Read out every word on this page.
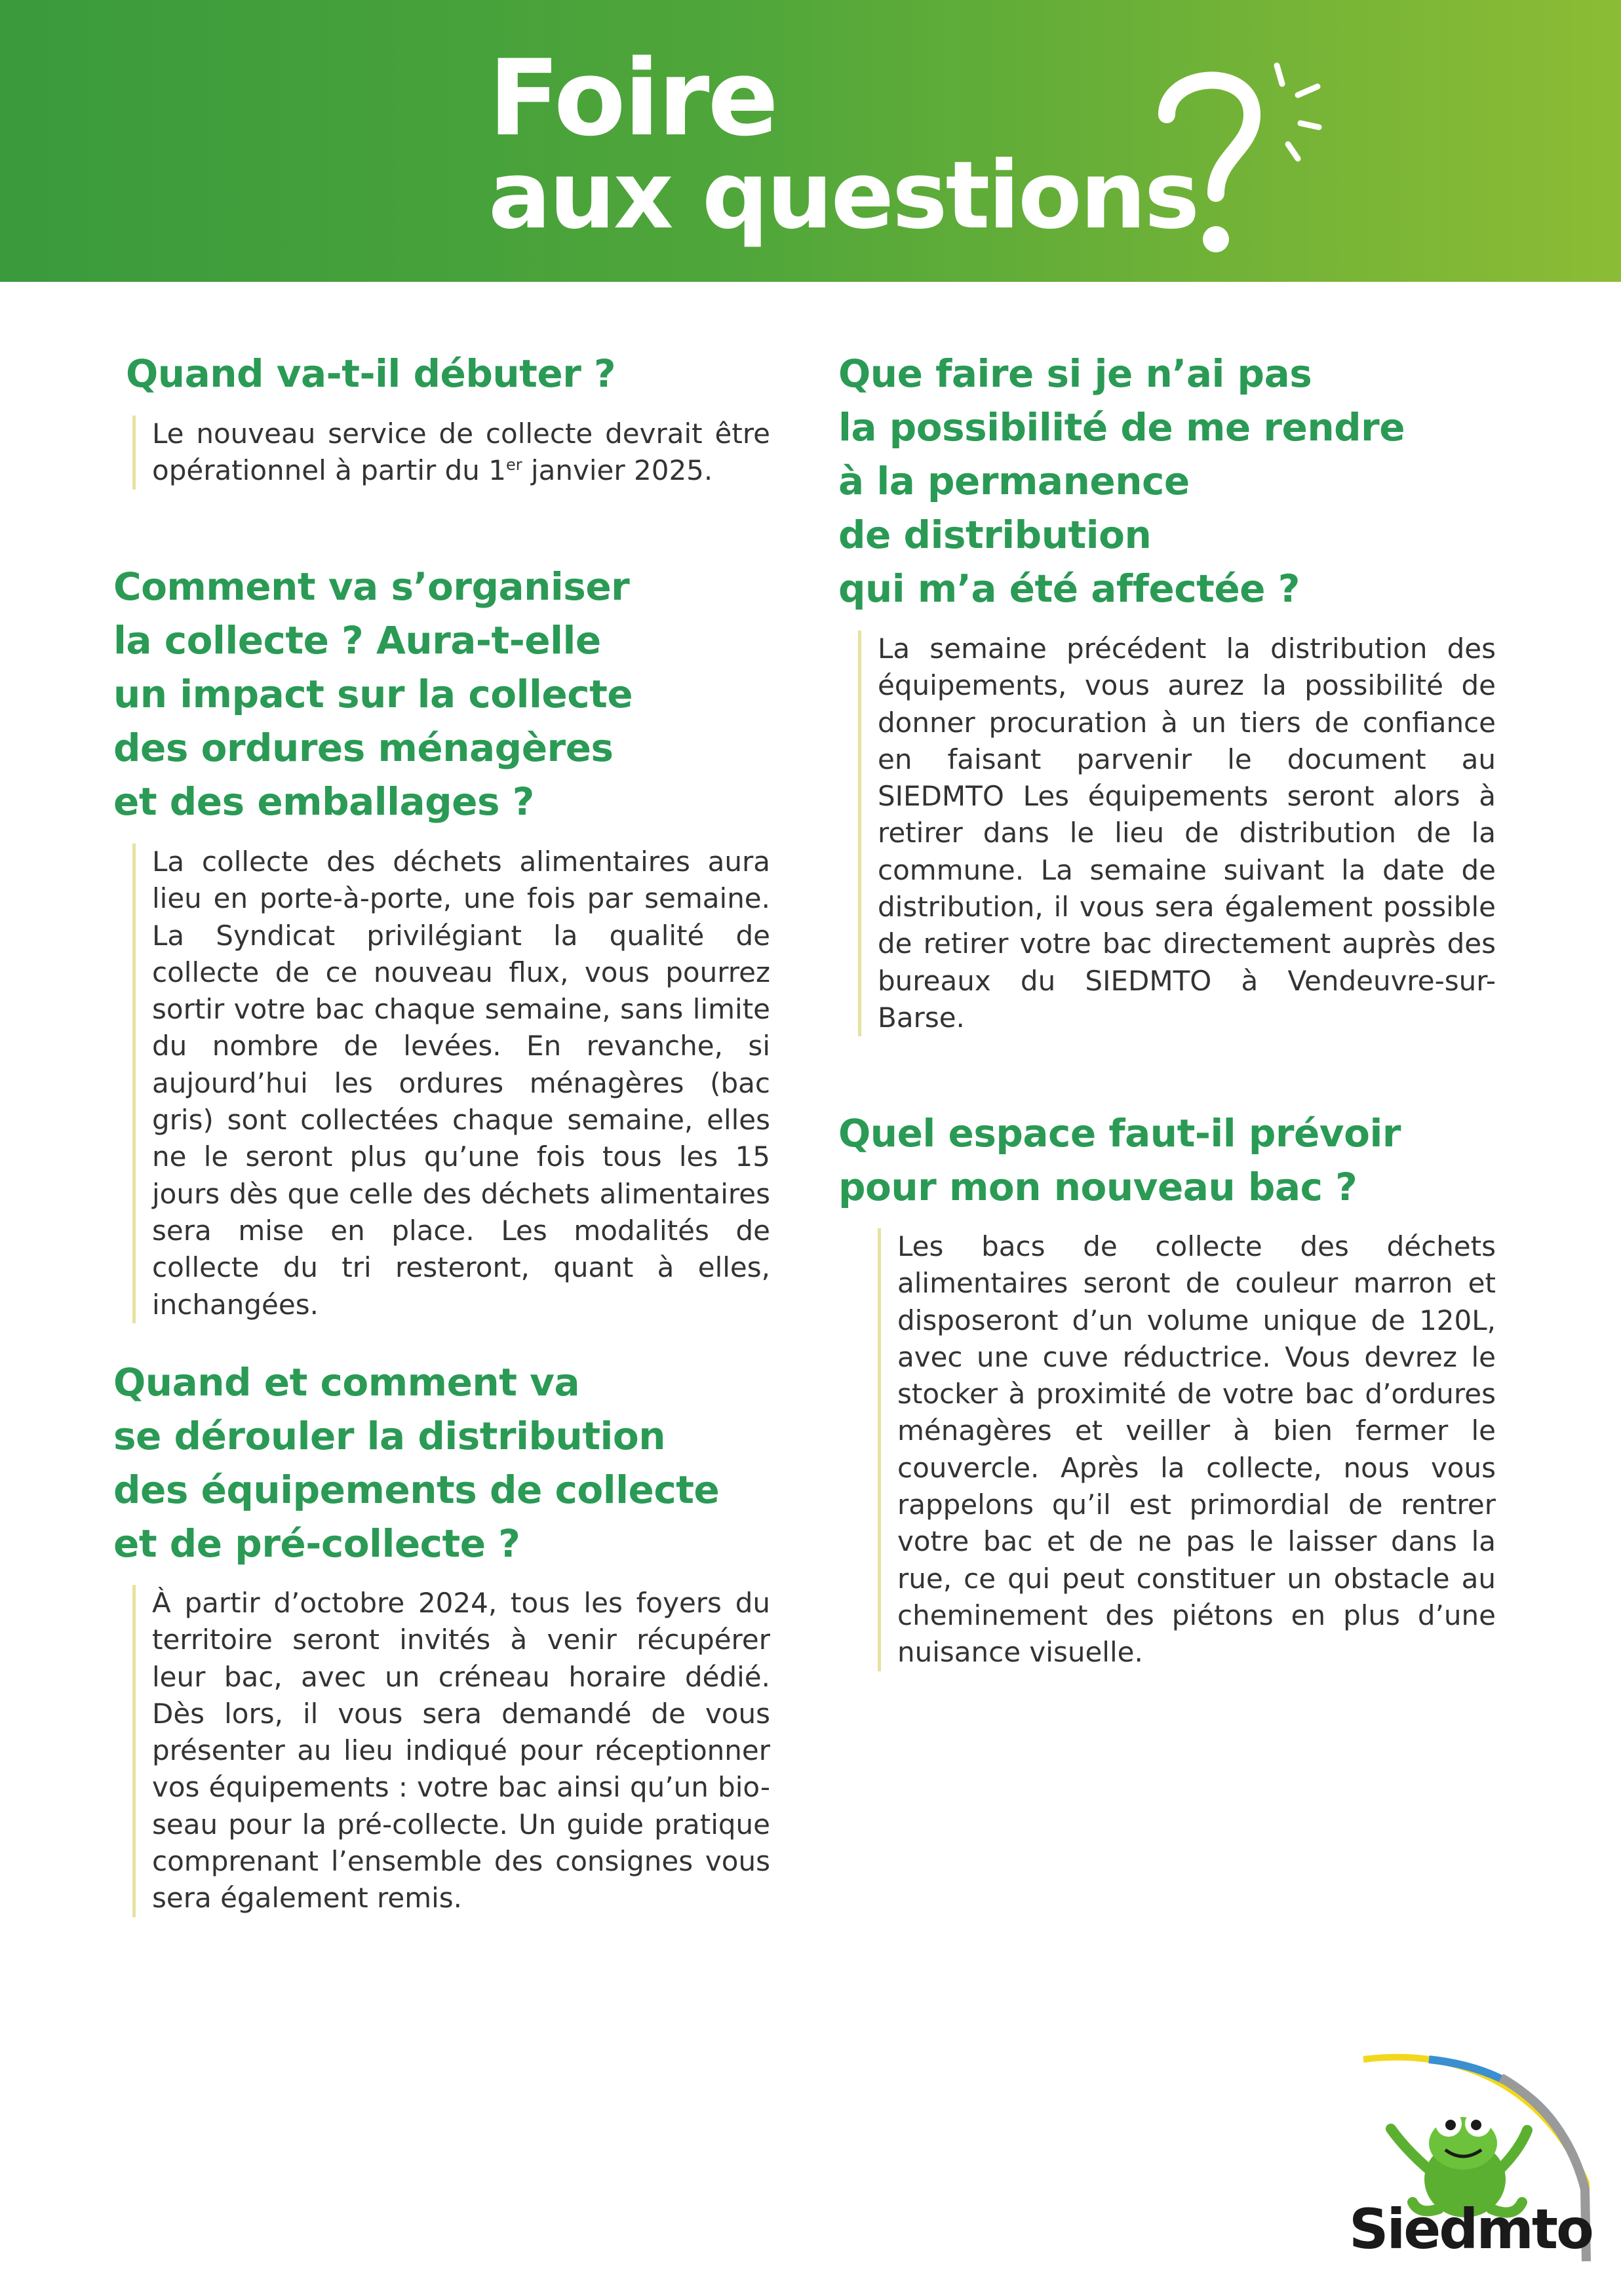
Foire
aux questions
Quand va-t-il débuter ?

Le nouveau service de collecte devrait être opérationnel à partir du 1er janvier 2025.

Comment va s’organiser
la collecte ? Aura-t-elle
un impact sur la collecte
des ordures ménagères
et des emballages ?

La collecte des déchets alimentaires aura lieu en porte-à-porte, une fois par semaine. La Syndicat privilégiant la qualité de collecte de ce nouveau flux, vous pourrez sortir votre bac chaque semaine, sans limite du nombre de levées. En revanche, si aujourd’hui les ordures ménagères (bac gris) sont collectées chaque semaine, elles ne le seront plus qu’une fois tous les 15 jours dès que celle des déchets alimentaires sera mise en place. Les modalités de collecte du tri resteront, quant à elles, inchangées.

Quand et comment va
se dérouler la distribution
des équipements de collecte
et de pré-collecte ?

À partir d’octobre 2024, tous les foyers du territoire seront invités à venir récupérer leur bac, avec un créneau horaire dédié. Dès lors, il vous sera demandé de vous présenter au lieu indiqué pour réceptionner vos équipements : votre bac ainsi qu’un bio-seau pour la pré-collecte. Un guide pratique comprenant l’ensemble des consignes vous sera également remis.

Que faire si je n’ai pas
la possibilité de me rendre
à la permanence
de distribution
qui m’a été affectée ?

La semaine précédent la distribution des équipements, vous aurez la possibilité de donner procuration à un tiers de confiance en faisant parvenir le document au SIEDMTO Les équipements seront alors à retirer dans le lieu de distribution de la commune. La semaine suivant la date de distribution, il vous sera également possible de retirer votre bac directement auprès des bureaux du SIEDMTO à Vendeuvre-sur-Barse.

Quel espace faut-il prévoir
pour mon nouveau bac ?

Les bacs de collecte des déchets alimentaires seront de couleur marron et disposeront d’un volume unique de 120L, avec une cuve réductrice. Vous devrez le stocker à proximité de votre bac d’ordures ménagères et veiller à bien fermer le couvercle. Après la collecte, nous vous rappelons qu’il est primordial de rentrer votre bac et de ne pas le laisser dans la rue, ce qui peut constituer un obstacle au cheminement des piétons en plus d’une nuisance visuelle.

Siedmto
